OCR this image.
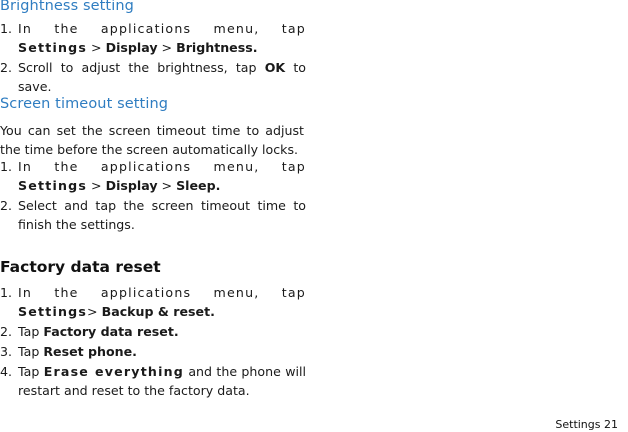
Brightness setting
1. In the applications menu, tap Settings > Display > Brightness.
2. Scroll to adjust the brightness, tap OK to save.
Screen timeout setting

You can set the screen timeout time to adjust the time before the screen automatically locks.

1. In the applications menu, tap Settings > Display > Sleep.
2. Select and tap the screen timeout time to finish the settings.
Factory data reset
1. In the applications menu, tap Settings> Backup & reset.
2. Tap Factory data reset.
3. Tap Reset phone.
4. Tap Erase everything and the phone will restart and reset to the factory data.
Settings 21
